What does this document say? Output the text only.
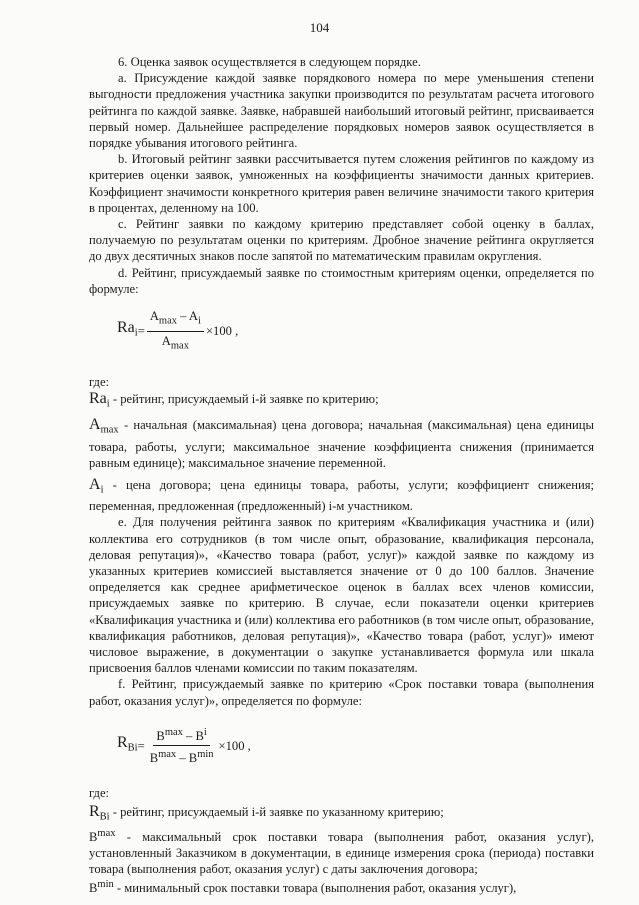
104

6. Оценка заявок осуществляется в следующем порядке.

a. Присуждение каждой заявке порядкового номера по мере уменьшения степени выгодности предложения участника закупки производится по результатам расчета итогового рейтинга по каждой заявке. Заявке, набравшей наибольший итоговый рейтинг, присваивается первый номер. Дальнейшее распределение порядковых номеров заявок осуществляется в порядке убывания итогового рейтинга.

b. Итоговый рейтинг заявки рассчитывается путем сложения рейтингов по каждому из критериев оценки заявок, умноженных на коэффициенты значимости данных критериев. Коэффициент значимости конкретного критерия равен величине значимости такого критерия в процентах, деленному на 100.

c. Рейтинг заявки по каждому критерию представляет собой оценку в баллах, получаемую по результатам оценки по критериям. Дробное значение рейтинга округляется до двух десятичных знаков после запятой по математическим правилам округления.

d. Рейтинг, присуждаемый заявке по стоимостным критериям оценки, определяется по формуле:

$Ra_i = \frac{A_{max} - A_i}{A_{max}} \times 100$ ,

где:

$Ra_i$ - рейтинг, присуждаемый i-й заявке по критерию;

$A_{max}$ - начальная (максимальная) цена договора; начальная (максимальная) цена единицы товара, работы, услуги; максимальное значение коэффициента снижения (принимается равным единице); максимальное значение переменной.

$A_i$ - цена договора; цена единицы товара, работы, услуги; коэффициент снижения; переменная, предложенная (предложенный) i-м участником.

e. Для получения рейтинга заявок по критериям «Квалификация участника и (или) коллектива его сотрудников (в том числе опыт, образование, квалификация персонала, деловая репутация)», «Качество товара (работ, услуг)» каждой заявке по каждому из указанных критериев комиссией выставляется значение от 0 до 100 баллов. Значение определяется как среднее арифметическое оценок в баллах всех членов комиссии, присуждаемых заявке по критерию. В случае, если показатели оценки критериев «Квалификация участника и (или) коллектива его работников (в том числе опыт, образование, квалификация работников, деловая репутация)», «Качество товара (работ, услуг)» имеют числовое выражение, в документации о закупке устанавливается формула или шкала присвоения баллов членами комиссии по таким показателям.

f. Рейтинг, присуждаемый заявке по критерию «Срок поставки товара (выполнения работ, оказания услуг)», определяется по формуле:

$R_{Bi} = \frac{B^{max} - B^i}{B^{max} - B^{min}} \times 100$ ,

где:

$R_{Bi}$ - рейтинг, присуждаемый i-й заявке по указанному критерию;

$B^{max}$ - максимальный срок поставки товара (выполнения работ, оказания услуг), установленный Заказчиком в документации, в единице измерения срока (периода) поставки товара (выполнения работ, оказания услуг) с даты заключения договора;

$B^{min}$ - минимальный срок поставки товара (выполнения работ, оказания услуг),
